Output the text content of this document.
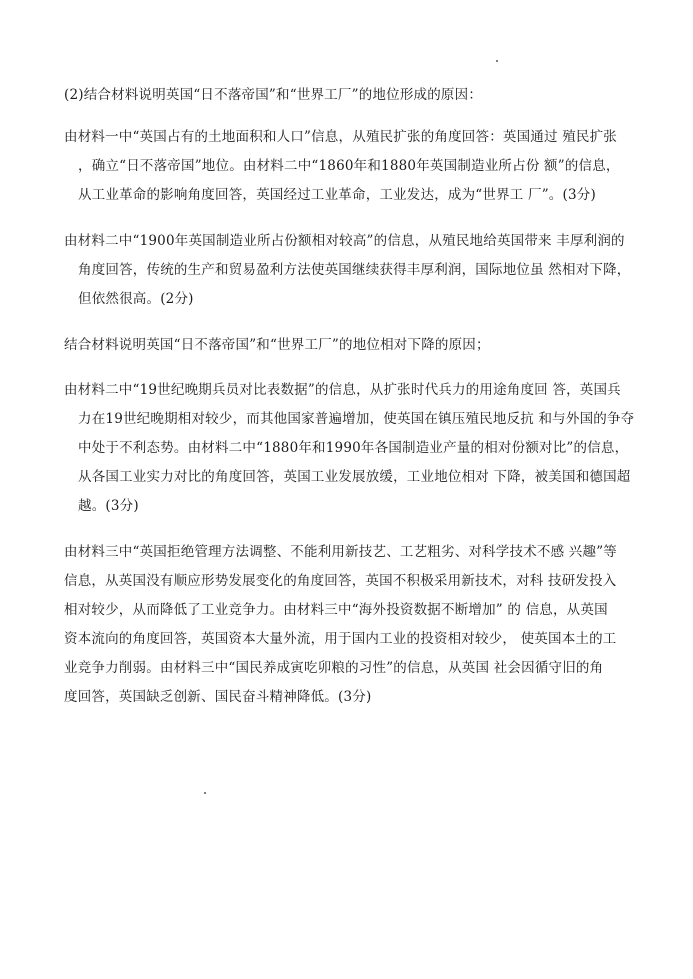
(2)结合材料说明英国“日不落帝国”和“世界工厂”的地位形成的原因：
由材料一中“英国占有的土地面积和人口”信息，从殖民扩张的角度回答：英国通过 殖民扩张
，确立“日不落帝国”地位。由材料二中“1860年和1880年英国制造业所占份 额”的信息，
从工业革命的影响角度回答，英国经过工业革命，工业发达，成为“世界工 厂”。(3分)
由材料二中“1900年英国制造业所占份额相对较高”的信息，从殖民地给英国带来 丰厚利润的
角度回答，传统的生产和贸易盈利方法使英国继续获得丰厚利润，国际地位虽 然相对下降，
但依然很高。(2分)
结合材料说明英国“日不落帝国”和“世界工厂”的地位相对下降的原因；
由材料二中“19世纪晚期兵员对比表数据”的信息，从扩张时代兵力的用途角度回 答，英国兵
力在19世纪晚期相对较少，而其他国家普遍增加，使英国在镇压殖民地反抗 和与外国的争夺
中处于不利态势。由材料二中“1880年和1990年各国制造业产量的相对份额对比”的信息，
从各国工业实力对比的角度回答，英国工业发展放缓，工业地位相对 下降，被美国和德国超
越。(3分)
由材料三中“英国拒绝管理方法调整、不能利用新技艺、工艺粗劣、对科学技术不感 兴趣”等
信息，从英国没有顺应形势发展变化的角度回答，英国不积极采用新技术，对科 技研发投入
相对较少，从而降低了工业竞争力。由材料三中“海外投资数据不断增加” 的 信息，从英国
资本流向的角度回答，英国资本大量外流，用于国内工业的投资相对较少， 使英国本土的工
业竞争力削弱。由材料三中“国民养成寅吃卯粮的习性”的信息，从英国 社会因循守旧的角
度回答，英国缺乏创新、国民奋斗精神降低。(3分)
